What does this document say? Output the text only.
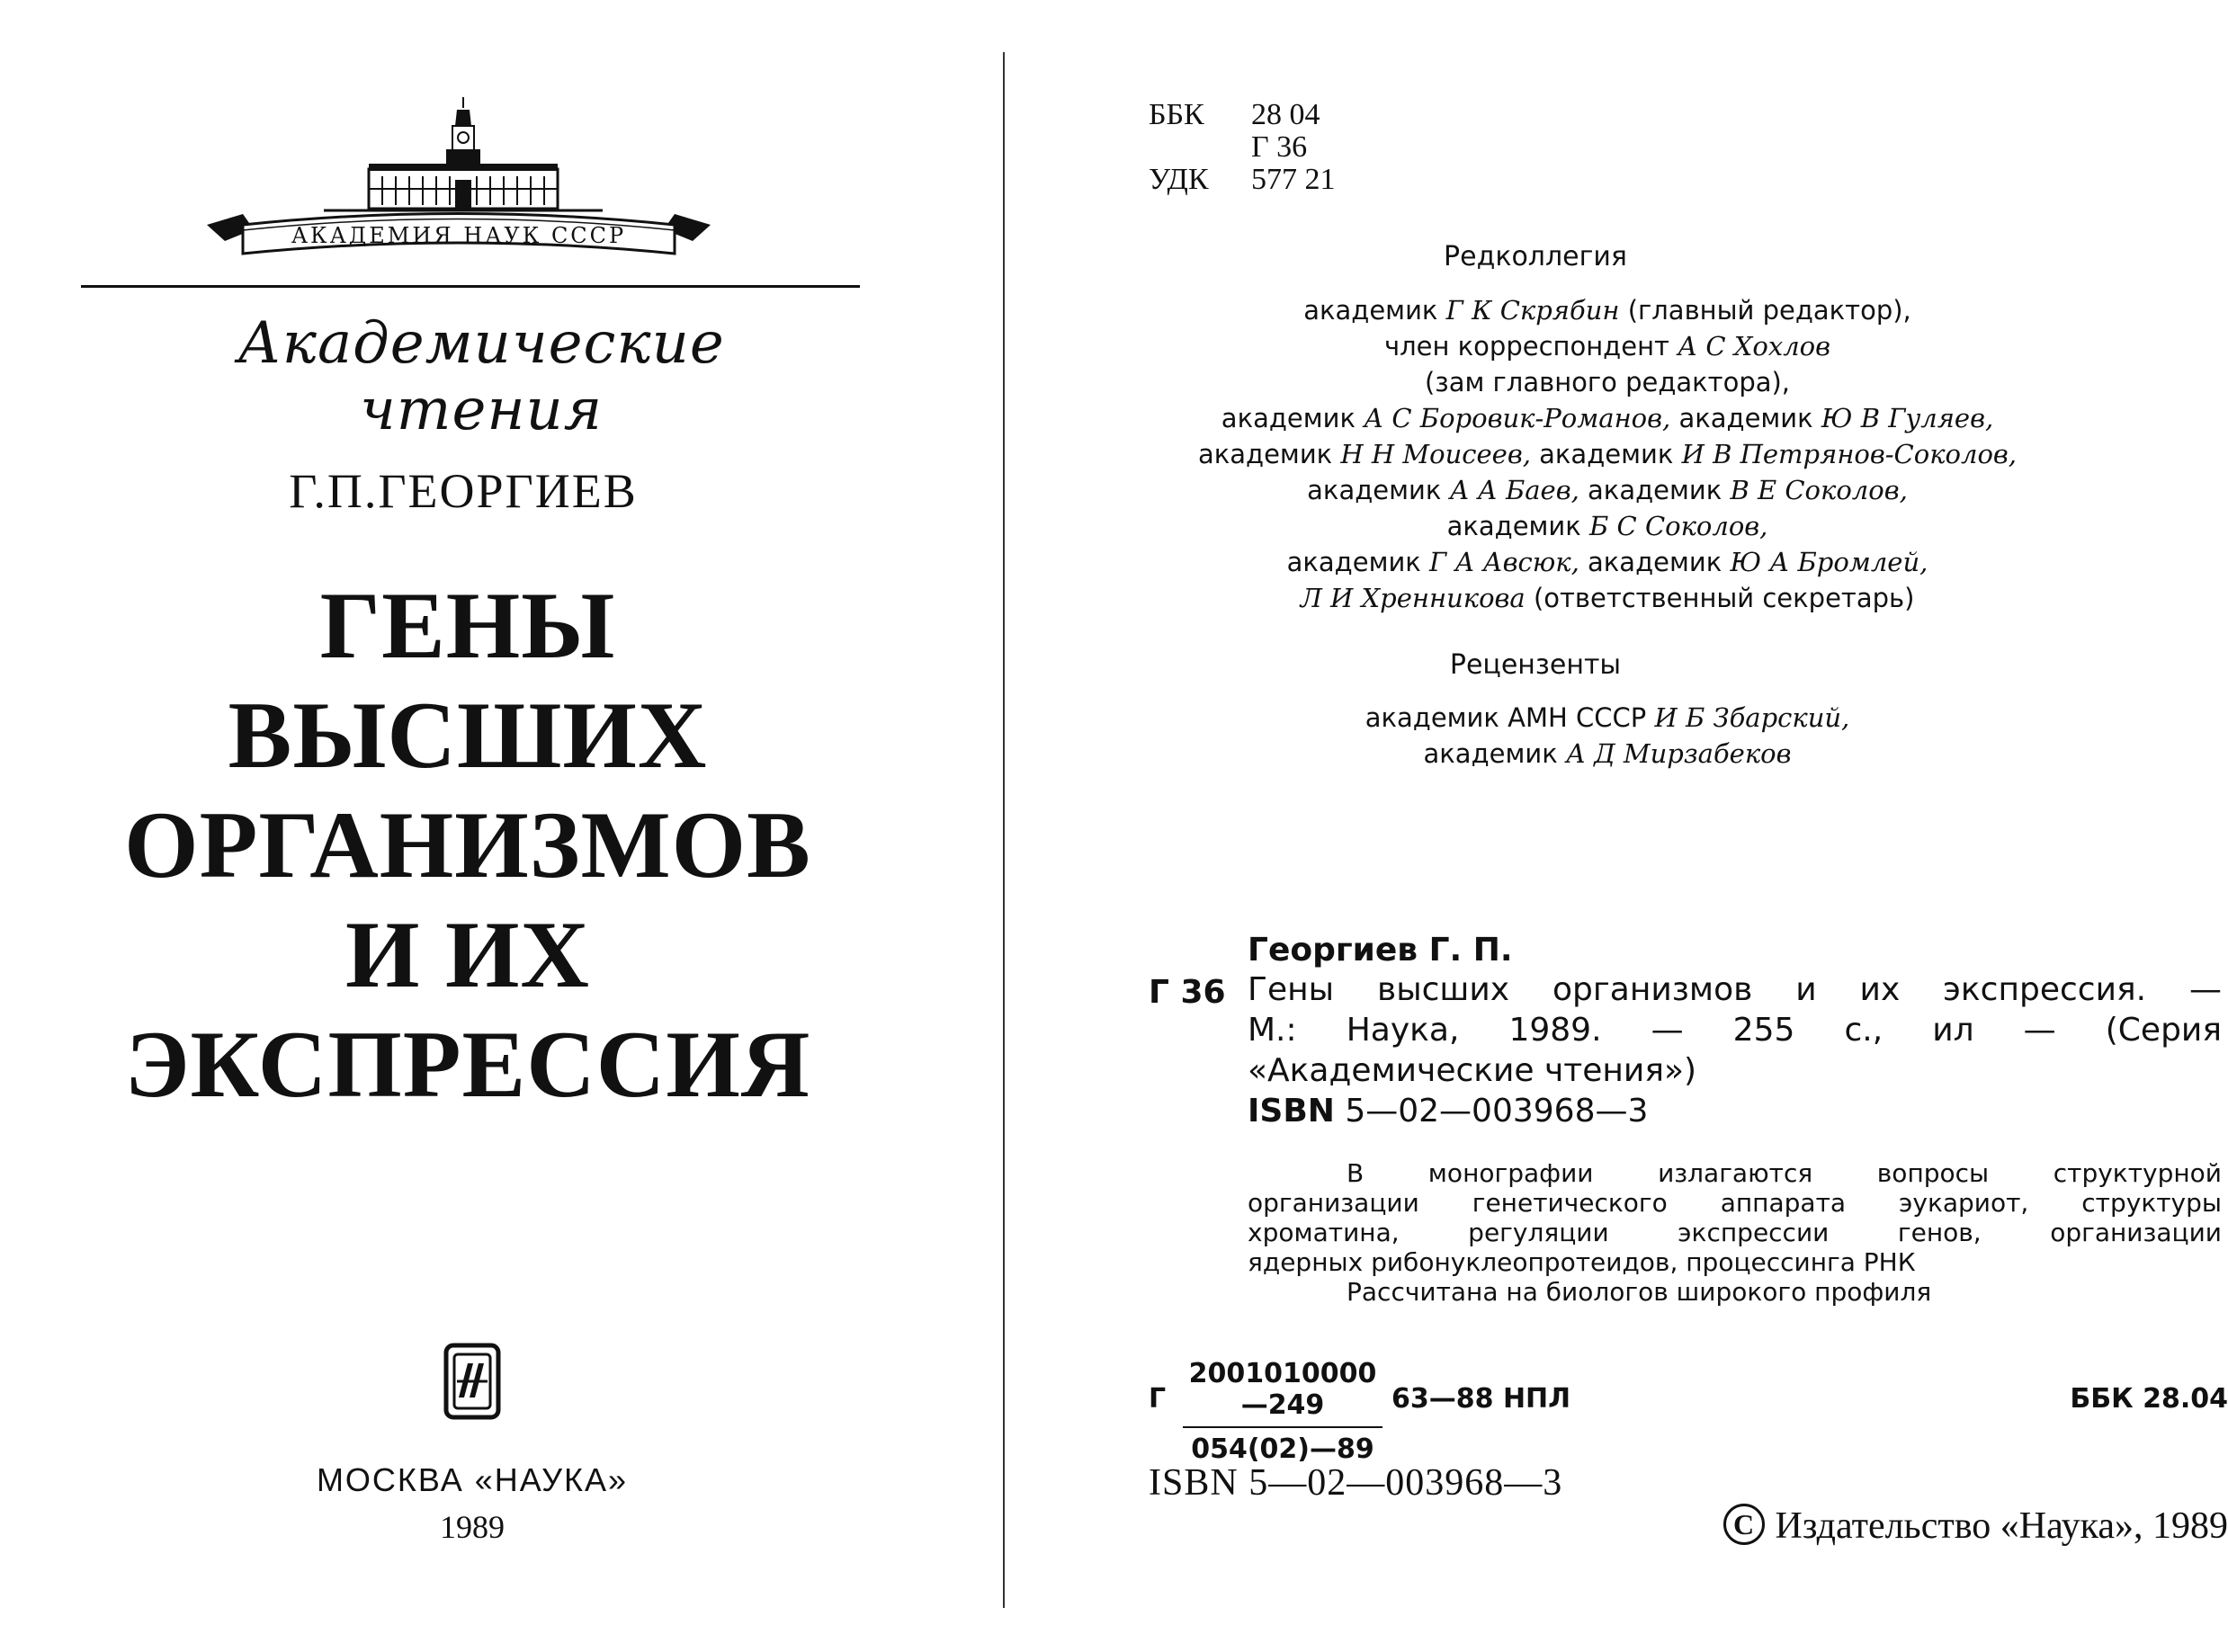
АКАДЕМИЯ НАУК СССР
Академические чтения
Г.П.ГЕОРГИЕВ
ГЕНЫ
ВЫСШИХ
ОРГАНИЗМОВ
И ИХ
ЭКСПРЕССИЯ
МОСКВА «НАУКА»
1989
ББК

УДК
28 04
Г 36
577 21
Редколлегия
академик Г К Скрябин (главный редактор),
член корреспондент А С Хохлов
(зам главного редактора),
академик А С Боровик-Романов, академик Ю В Гуляев,
академик Н Н Моисеев, академик И В Петрянов-Соколов,
академик А А Баев, академик В Е Соколов,
академик Б С Соколов,
академик Г А Авсюк, академик Ю А Бромлей,
Л И Хренникова (ответственный секретарь)
Рецензенты
академик АМН СССР И Б Збарский,
академик А Д Мирзабеков
Георгиев Г. П.
Г 36 Гены высших организмов и их экспрессия. —
М.: Наука, 1989. — 255 с., ил — (Серия
«Академические чтения»)
ISBN 5—02—003968—3
В монографии излагаются вопросы структурной
организации генетического аппарата эукариот, структуры
хроматина, регуляции экспрессии генов, организации
ядерных рибонуклеопротеидов, процессинга РНК
Рассчитана на биологов широкого профиля
Г $\frac{2001010000—249}{054(02)—89}$ 63—88 НПЛ	ББК 28.04
ISBN 5—02—003968—3
C Издательство «Наука», 1989
